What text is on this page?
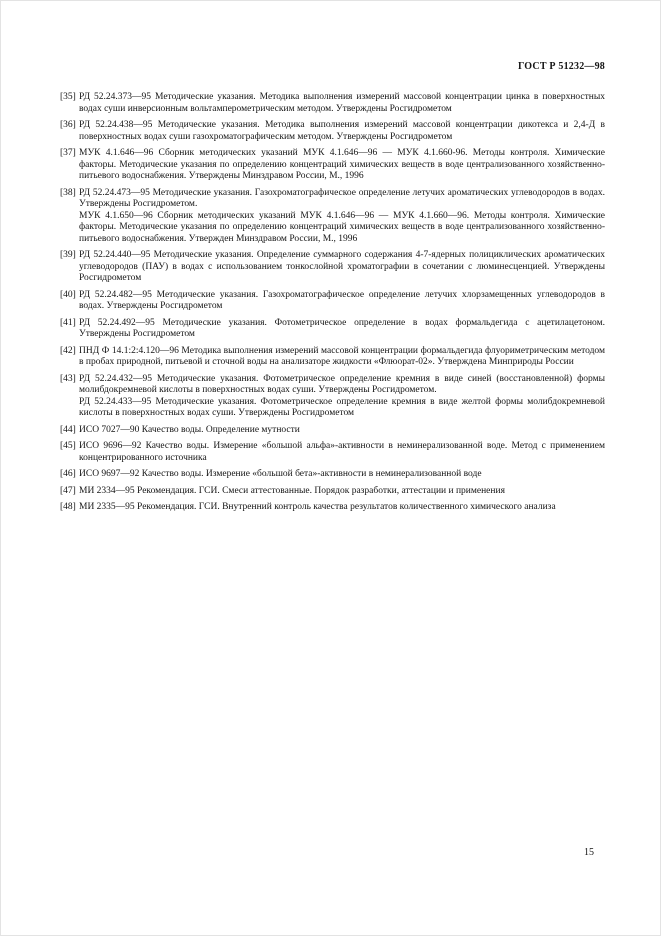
ГОСТ Р 51232—98
[35] РД 52.24.373—95 Методические указания. Методика выполнения измерений массовой концентрации цинка в поверхностных водах суши инверсионным вольтамперометрическим методом. Утверждены Росгидрометом
[36] РД 52.24.438—95 Методические указания. Методика выполнения измерений массовой концентрации дикотекса и 2,4-Д в поверхностных водах суши газохроматографическим методом. Утверждены Росгидрометом
[37] МУК 4.1.646—96 Сборник методических указаний МУК 4.1.646—96 — МУК 4.1.660-96. Методы контроля. Химические факторы. Методические указания по определению концентраций химических веществ в воде централизованного хозяйственно-питьевого водоснабжения. Утверждены Минздравом России, М., 1996
[38] РД 52.24.473—95 Методические указания. Газохроматографическое определение летучих ароматических углеводородов в водах. Утверждены Росгидрометом.
МУК 4.1.650—96 Сборник методических указаний МУК 4.1.646—96 — МУК 4.1.660—96. Методы контроля. Химические факторы. Методические указания по определению концентраций химических веществ в воде централизованного хозяйственно-питьевого водоснабжения. Утвержден Минздравом России, М., 1996
[39] РД 52.24.440—95 Методические указания. Определение суммарного содержания 4-7-ядерных полициклических ароматических углеводородов (ПАУ) в водах с использованием тонкослойной хроматографии в сочетании с люминесценцией. Утверждены Росгидрометом
[40] РД 52.24.482—95 Методические указания. Газохроматографическое определение летучих хлорзамещенных углеводородов в водах. Утверждены Росгидрометом
[41] РД 52.24.492—95 Методические указания. Фотометрическое определение в водах формальдегида с ацетилацетоном. Утверждены Росгидрометом
[42] ПНД Ф 14.1:2:4.120—96 Методика выполнения измерений массовой концентрации формальдегида флуориметрическим методом в пробах природной, питьевой и сточной воды на анализаторе жидкости «Флюорат-02». Утверждена Минприроды России
[43] РД 52.24.432—95 Методические указания. Фотометрическое определение кремния в виде синей (восстановленной) формы молибдокремневой кислоты в поверхностных водах суши. Утверждены Росгидрометом.
РД 52.24.433—95 Методические указания. Фотометрическое определение кремния в виде желтой формы молибдокремневой кислоты в поверхностных водах суши. Утверждены Росгидрометом
[44] ИСО 7027—90 Качество воды. Определение мутности
[45] ИСО 9696—92 Качество воды. Измерение «большой альфа»-активности в неминерализованной воде. Метод с применением концентрированного источника
[46] ИСО 9697—92 Качество воды. Измерение «большой бета»-активности в неминерализованной воде
[47] МИ 2334—95 Рекомендация. ГСИ. Смеси аттестованные. Порядок разработки, аттестации и применения
[48] МИ 2335—95 Рекомендация. ГСИ. Внутренний контроль качества результатов количественного химического анализа
15
